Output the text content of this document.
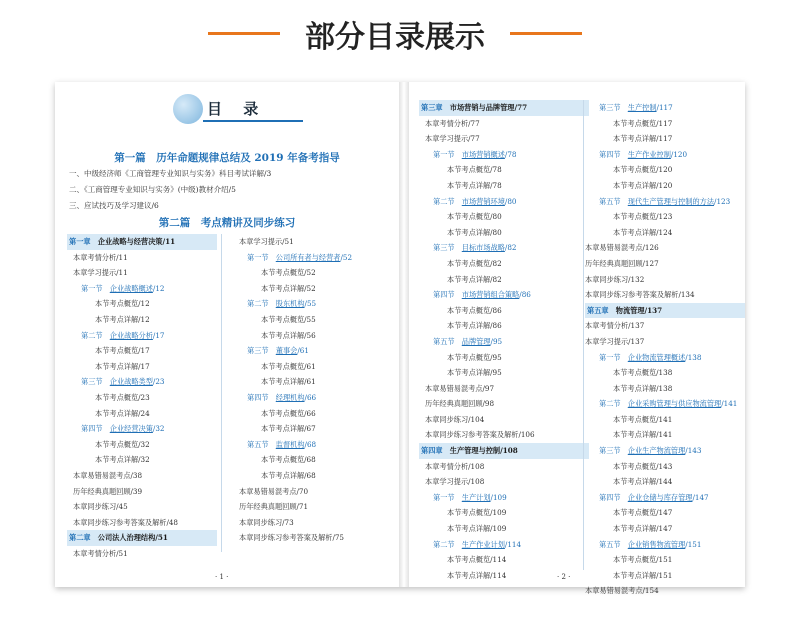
部分目录展示
目 录
第一篇　历年命题规律总结及 2019 年备考指导
一、中级经济师《工商管理专业知识与实务》科目考试详解/3
二、《工商管理专业知识与实务》(中级)教材介绍/5
三、应试技巧及学习建议/6
第二篇　考点精讲及同步练习
第一章　企业战略与经营决策/11
本章考情分析/11
本章学习提示/11
第一节　企业战略概述/12
本节考点概览/12
本节考点详解/12
第二节　企业战略分析/17
本节考点概览/17
本节考点详解/17
第三节　企业战略类型/23
本节考点概览/23
本节考点详解/24
第四节　企业经营决策/32
本节考点概览/32
本节考点详解/32
本章易错易混考点/38
历年经典真题回顾/39
本章同步练习/45
本章同步练习参考答案及解析/48
第二章　公司法人治理结构/51
本章考情分析/51
本章学习提示/51
第一节　公司所有者与经营者/52
本节考点概览/52
本节考点详解/52
第二节　股东机构/55
本节考点概览/55
本节考点详解/56
第三节　董事会/61
本节考点概览/61
本节考点详解/61
第四节　经理机构/66
本节考点概览/66
本节考点详解/67
第五节　监督机构/68
本节考点概览/68
本节考点详解/68
本章易错易混考点/70
历年经典真题回顾/71
本章同步练习/73
本章同步练习参考答案及解析/75
· 1 ·
第三章　市场营销与品牌管理/77
本章考情分析/77
本章学习提示/77
第一节　市场营销概述/78
本节考点概览/78
本节考点详解/78
第二节　市场营销环境/80
本节考点概览/80
本节考点详解/80
第三节　目标市场战略/82
本节考点概览/82
本节考点详解/82
第四节　市场营销组合策略/86
本节考点概览/86
本节考点详解/86
第五节　品牌管理/95
本节考点概览/95
本节考点详解/95
本章易错易混考点/97
历年经典真题回顾/98
本章同步练习/104
本章同步练习参考答案及解析/106
第四章　生产管理与控制/108
本章考情分析/108
本章学习提示/108
第一节　生产计划/109
本节考点概览/109
本节考点详解/109
第二节　生产作业计划/114
本节考点概览/114
本节考点详解/114
第三节　生产控制/117
本节考点概览/117
本节考点详解/117
第四节　生产作业控制/120
本节考点概览/120
本节考点详解/120
第五节　现代生产管理与控制的方法/123
本节考点概览/123
本节考点详解/124
本章易错易混考点/126
历年经典真题回顾/127
本章同步练习/132
本章同步练习参考答案及解析/134
第五章　物流管理/137
本章考情分析/137
本章学习提示/137
第一节　企业物流管理概述/138
本节考点概览/138
本节考点详解/138
第二节　企业采购管理与供应物流管理/141
本节考点概览/141
本节考点详解/141
第三节　企业生产物流管理/143
本节考点概览/143
本节考点详解/144
第四节　企业仓储与库存管理/147
本节考点概览/147
本节考点详解/147
第五节　企业销售物流管理/151
本节考点概览/151
本节考点详解/151
本章易错易混考点/154
· 2 ·
